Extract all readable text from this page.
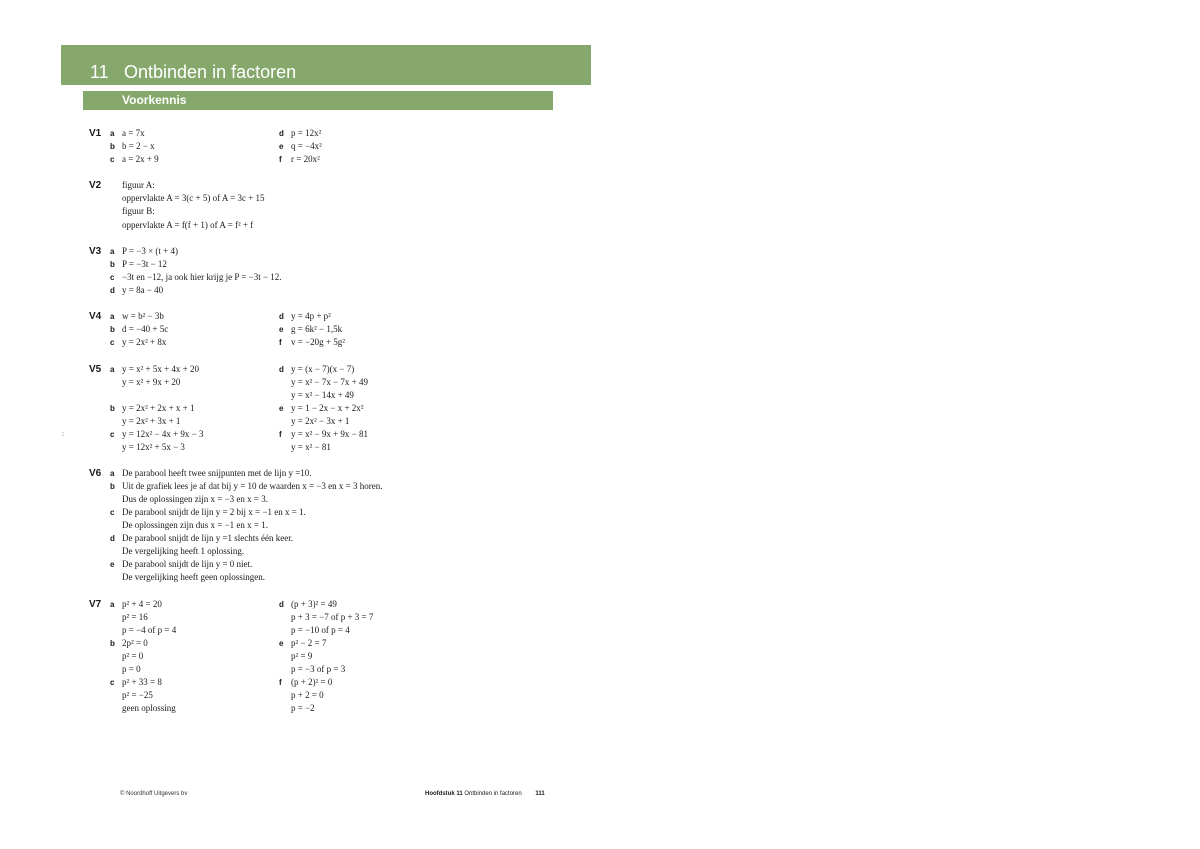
11 Ontbinden in factoren
Voorkennis
:
V1 a a = 7x
b b = 2 − x
c a = 2x + 9
d p = 12x²
e q = −4x²
f r = 20x²
V2 figuur A:
oppervlakte A = 3(c + 5) of A = 3c + 15
figuur B:
oppervlakte A = f(f + 1) of A = f² + f
V3 a P = −3 × (t + 4)
b P = −3t − 12
c −3t en −12, ja ook hier krijg je P = −3t − 12.
d y = 8a − 40
V4 a w = b² − 3b
b d = −40 + 5c
c y = 2x² + 8x
d y = 4p + p²
e g = 6k² − 1,5k
f v = −20g + 5g²
V5 a y = x² + 5x + 4x + 20
y = x² + 9x + 20
b y = 2x² + 2x + x + 1
y = 2x² + 3x + 1
c y = 12x² − 4x + 9x − 3
y = 12x² + 5x − 3
d y = (x − 7)(x − 7)
y = x² − 7x − 7x + 49
y = x² − 14x + 49
e y = 1 − 2x − x + 2x²
y = 2x² − 3x + 1
f y = x² − 9x + 9x − 81
y = x² − 81
V6 a De parabool heeft twee snijpunten met de lijn y =10.
b Uit de grafiek lees je af dat bij y = 10 de waarden x = −3 en x = 3 horen.
Dus de oplossingen zijn x = −3 en x = 3.
c De parabool snijdt de lijn y = 2 bij x = −1 en x = 1.
De oplossingen zijn dus x = −1 en x = 1.
d De parabool snijdt de lijn y =1 slechts één keer.
De vergelijking heeft 1 oplossing.
e De parabool snijdt de lijn y = 0 niet.
De vergelijking heeft geen oplossingen.
V7 a p² + 4 = 20
p² = 16
p = −4 of p = 4
b 2p² = 0
p² = 0
p = 0
c p² + 33 = 8
p² = −25
geen oplossing
d (p + 3)² = 49
p + 3 = −7 of p + 3 = 7
p = −10 of p = 4
e p² − 2 = 7
p² = 9
p = −3 of p = 3
f (p + 2)² = 0
p + 2 = 0
p = −2
© Noordhoff Uitgevers bv	Hoofdstuk 11 Ontbinden in factoren 111
